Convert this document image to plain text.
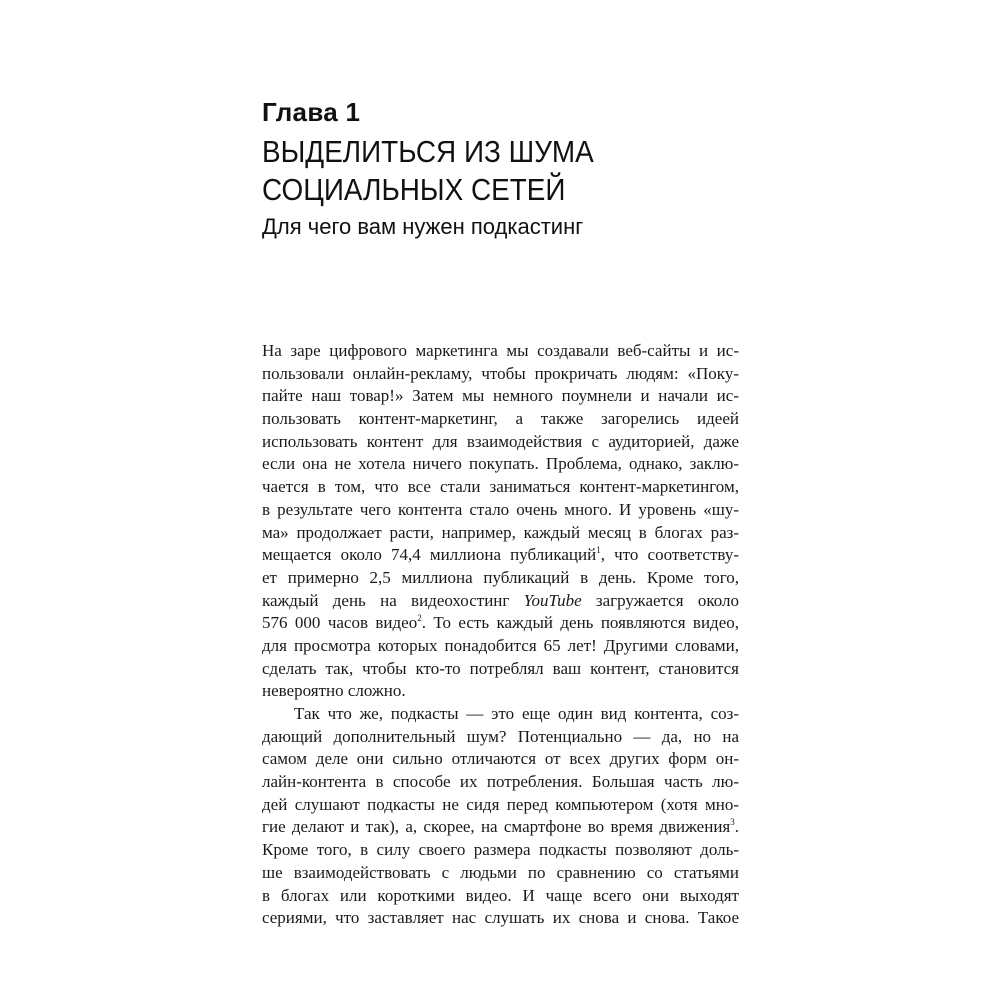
Глава 1
ВЫДЕЛИТЬСЯ ИЗ ШУМА
СОЦИАЛЬНЫХ СЕТЕЙ
Для чего вам нужен подкастинг
На заре цифрового маркетинга мы создавали веб-сайты и ис-
пользовали онлайн-рекламу, чтобы прокричать людям: «Поку-
пайте наш товар!» Затем мы немного поумнели и начали ис-
пользовать контент-маркетинг, а также загорелись идеей
использовать контент для взаимодействия с аудиторией, даже
если она не хотела ничего покупать. Проблема, однако, заклю-
чается в том, что все стали заниматься контент-маркетингом,
в результате чего контента стало очень много. И уровень «шу-
ма» продолжает расти, например, каждый месяц в блогах раз-
мещается около 74,4 миллиона публикаций$^1$, что соответству-
ет примерно 2,5 миллиона публикаций в день. Кроме того,
каждый день на видеохостинг YouTube загружается около
576 000 часов видео$^2$. То есть каждый день появляются видео,
для просмотра которых понадобится 65 лет! Другими словами,
сделать так, чтобы кто-то потреблял ваш контент, становится
невероятно сложно.
Так что же, подкасты — это еще один вид контента, соз-
дающий дополнительный шум? Потенциально — да, но на
самом деле они сильно отличаются от всех других форм он-
лайн-контента в способе их потребления. Большая часть лю-
дей слушают подкасты не сидя перед компьютером (хотя мно-
гие делают и так), а, скорее, на смартфоне во время движения$^3$.
Кроме того, в силу своего размера подкасты позволяют доль-
ше взаимодействовать с людьми по сравнению со статьями
в блогах или короткими видео. И чаще всего они выходят
сериями, что заставляет нас слушать их снова и снова. Такое
